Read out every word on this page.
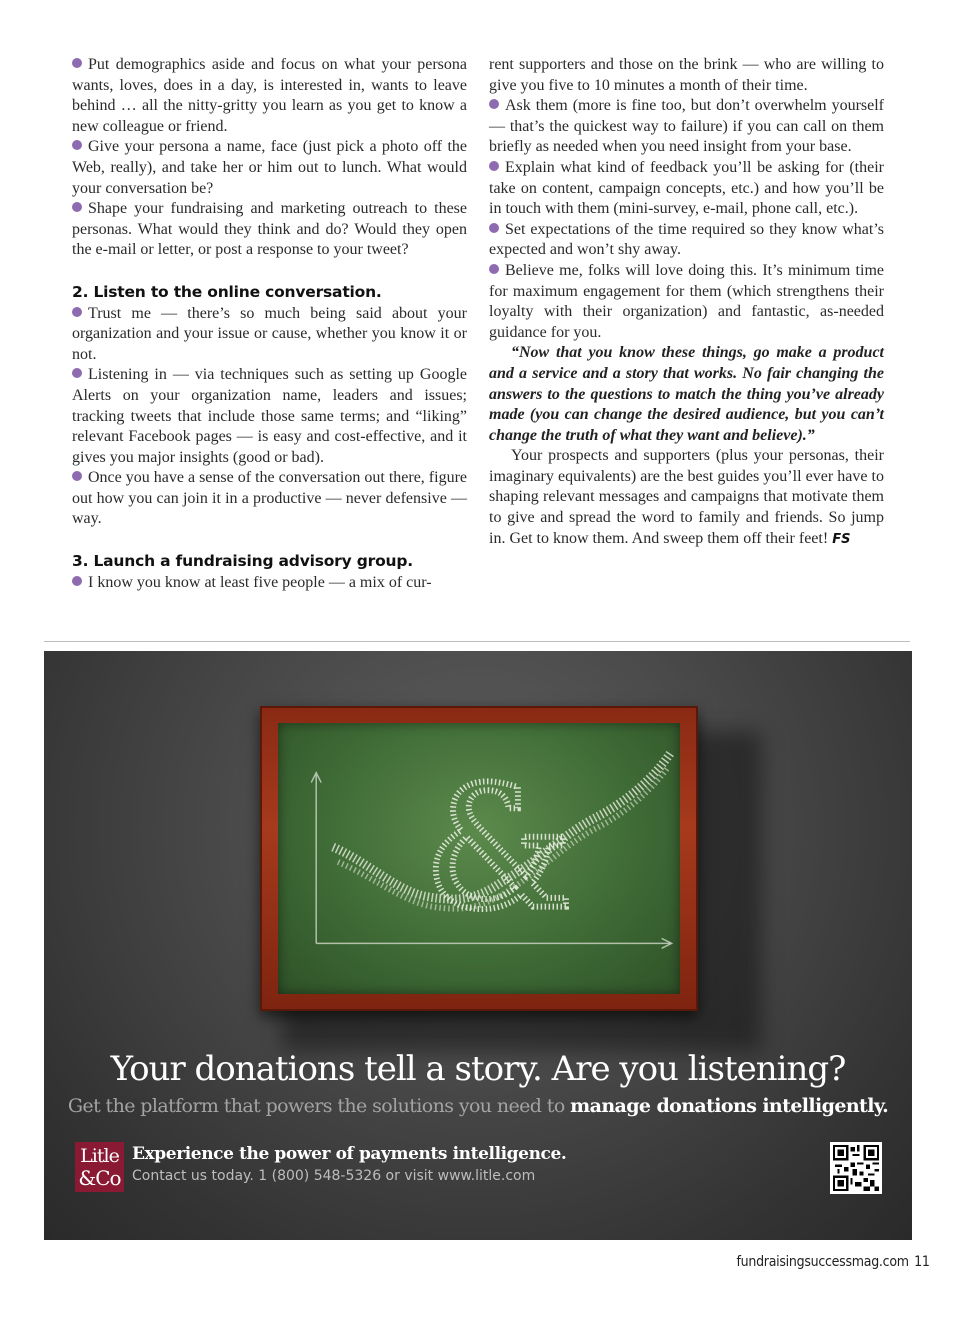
Put demographics aside and focus on what your persona wants, loves, does in a day, is interested in, wants to leave behind … all the nitty-gritty you learn as you get to know a new colleague or friend.

Give your persona a name, face (just pick a photo off the Web, really), and take her or him out to lunch. What would your conversation be?

Shape your fundraising and marketing outreach to these personas. What would they think and do? Would they open the e-mail or letter, or post a response to your tweet?

2. Listen to the online conversation.

Trust me — there’s so much being said about your organization and your issue or cause, whether you know it or not.

Listening in — via techniques such as setting up Google Alerts on your organization name, leaders and issues; tracking tweets that include those same terms; and “liking” relevant Facebook pages — is easy and cost-effective, and it gives you major insights (good or bad).

Once you have a sense of the conversation out there, figure out how you can join it in a productive — never defensive — way.

3. Launch a fundraising advisory group.

I know you know at least five people — a mix of cur-

rent supporters and those on the brink — who are willing to give you five to 10 minutes a month of their time.

Ask them (more is fine too, but don’t overwhelm yourself — that’s the quickest way to failure) if you can call on them briefly as needed when you need insight from your base.

Explain what kind of feedback you’ll be asking for (their take on content, campaign concepts, etc.) and how you’ll be in touch with them (mini-survey, e-mail, phone call, etc.).

Set expectations of the time required so they know what’s expected and won’t shy away.

Believe me, folks will love doing this. It’s minimum time for maximum engagement for them (which strengthens their loyalty with their organization) and fantastic, as-needed guidance for you.

“Now that you know these things, go make a product and a service and a story that works. No fair changing the answers to the questions to match the thing you’ve already made (you can change the desired audience, but you can’t change the truth of what they want and believe).”

Your prospects and supporters (plus your personas, their imaginary equivalents) are the best guides you’ll ever have to shaping relevant messages and campaigns that motivate them to give and spread the word to family and friends. So jump in. Get to know them. And sweep them off their feet! FS

&
Your donations tell a story. Are you listening?
Get the platform that powers the solutions you need to manage donations intelligently.
Litle
&Co
Experience the power of payments intelligence.
Contact us today. 1 (800) 548-5326 or visit www.litle.com
fundraisingsuccessmag.com 11
